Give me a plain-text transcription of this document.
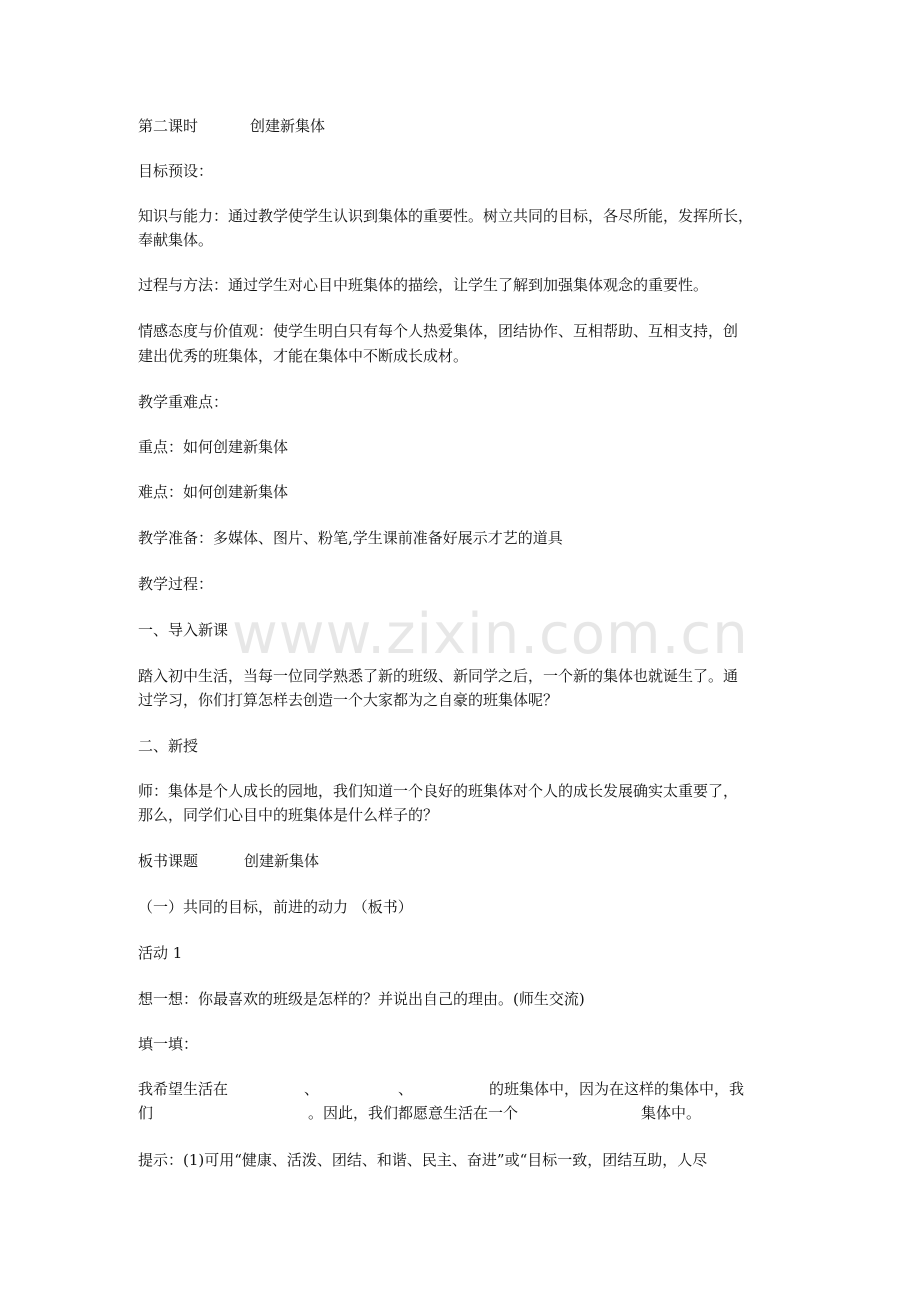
www.zixin.com.cn
第二课时	创建新集体
目标预设：
知识与能力：通过教学使学生认识到集体的重要性。树立共同的目标，各尽所能，发挥所长，
奉献集体。
过程与方法：通过学生对心目中班集体的描绘，让学生了解到加强集体观念的重要性。
情感态度与价值观：使学生明白只有每个人热爱集体，团结协作、互相帮助、互相支持，创
建出优秀的班集体，才能在集体中不断成长成材。
教学重难点：
重点：如何创建新集体
难点：如何创建新集体
教学准备：多媒体、图片、粉笔,学生课前准备好展示才艺的道具
教学过程：
一、导入新课
踏入初中生活，当每一位同学熟悉了新的班级、新同学之后，一个新的集体也就诞生了。通
过学习，你们打算怎样去创造一个大家都为之自豪的班集体呢？
二、新授
师：集体是个人成长的园地，我们知道一个良好的班集体对个人的成长发展确实太重要了，
那么，同学们心目中的班集体是什么样子的？
板书课题	创建新集体
（一）共同的目标，前进的动力 （板书）
活动 1
想一想：你最喜欢的班级是怎样的？并说出自己的理由。(师生交流)
填一填：
我希望生活在	、	、	的班集体中，因为在这样的集体中，我
们	。因此，我们都愿意生活在一个	集体中。
提示：(1)可用“健康、活泼、团结、和谐、民主、奋进”或“目标一致，团结互助，人尽
